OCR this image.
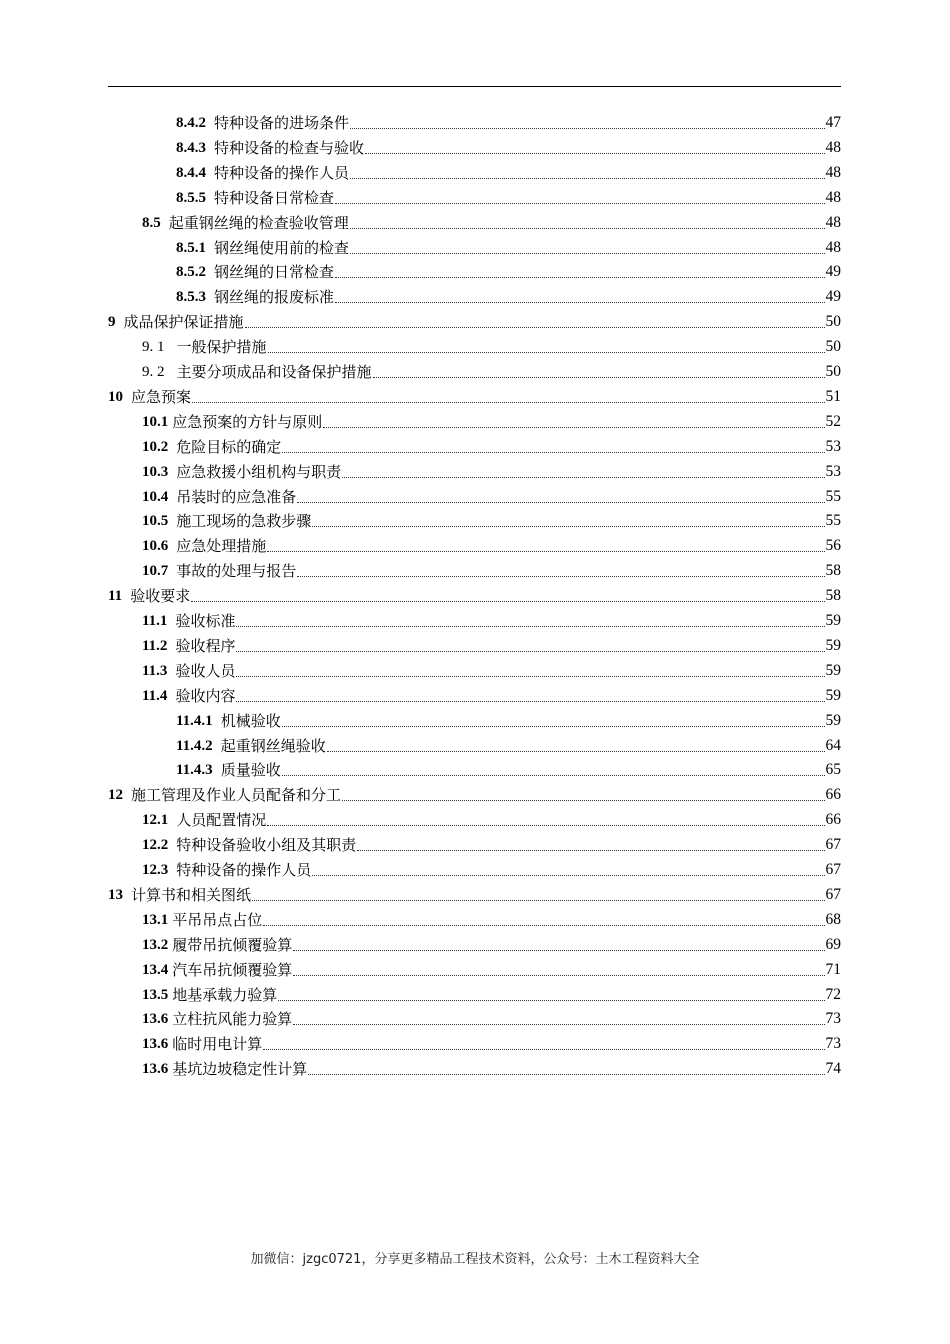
8.4.2 特种设备的进场条件	47
8.4.3 特种设备的检查与验收	48
8.4.4 特种设备的操作人员	48
8.5.5 特种设备日常检查	48
8.5 起重钢丝绳的检查验收管理	48
8.5.1 钢丝绳使用前的检查	48
8.5.2 钢丝绳的日常检查	49
8.5.3 钢丝绳的报废标准	49
9 成品保护保证措施	50
9. 1 一般保护措施	50
9. 2 主要分项成品和设备保护措施	50
10 应急预案	51
10.1 应急预案的方针与原则	52
10.2 危险目标的确定	53
10.3 应急救援小组机构与职责	53
10.4 吊装时的应急准备	55
10.5 施工现场的急救步骤	55
10.6 应急处理措施	56
10.7 事故的处理与报告	58
11 验收要求	58
11.1 验收标准	59
11.2 验收程序	59
11.3 验收人员	59
11.4 验收内容	59
11.4.1 机械验收	59
11.4.2 起重钢丝绳验收	64
11.4.3 质量验收	65
12 施工管理及作业人员配备和分工	66
12.1 人员配置情况	66
12.2 特种设备验收小组及其职责	67
12.3 特种设备的操作人员	67
13 计算书和相关图纸	67
13.1 平吊吊点占位	68
13.2 履带吊抗倾覆验算	69
13.4 汽车吊抗倾覆验算	71
13.5 地基承载力验算	72
13.6 立柱抗风能力验算	73
13.6 临时用电计算	73
13.6 基坑边坡稳定性计算	74
加微信：jzgc0721，分享更多精品工程技术资料，公众号：土木工程资料大全
